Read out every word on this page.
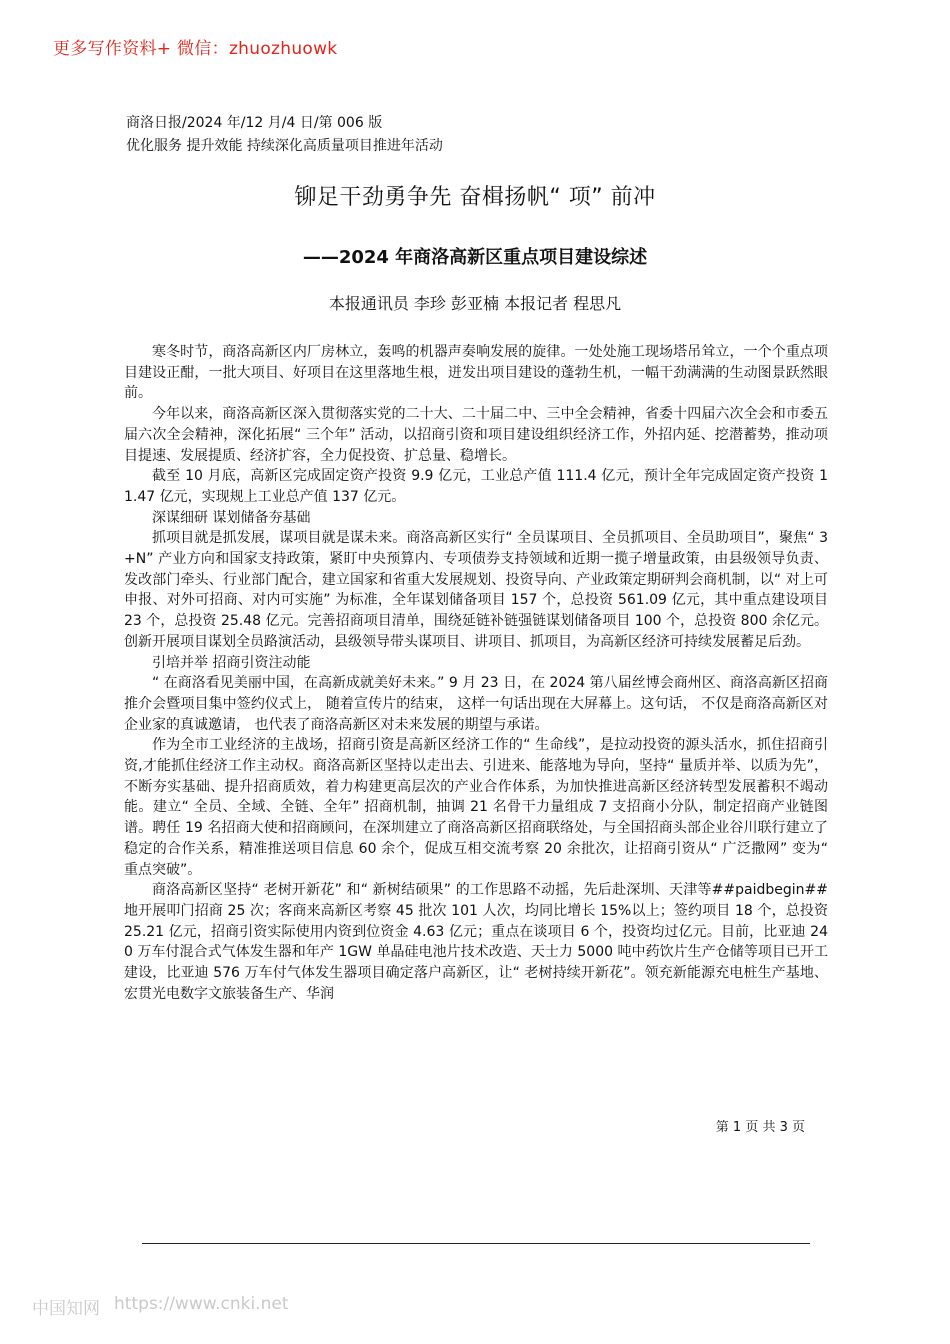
更多写作资料+ 微信：zhuozhuowk
商洛日报/2024 年/12 月/4 日/第 006 版
优化服务 提升效能 持续深化高质量项目推进年活动
铆足干劲勇争先 奋楫扬帆“ 项” 前冲
——2024 年商洛高新区重点项目建设综述
本报通讯员 李珍 彭亚楠 本报记者 程思凡

寒冬时节，商洛高新区内厂房林立，轰鸣的机器声奏响发展的旋律。一处处施工现场塔吊耸立，一个个重点项目建设正酣，一批大项目、好项目在这里落地生根，迸发出项目建设的蓬勃生机，一幅干劲满满的生动图景跃然眼前。

今年以来，商洛高新区深入贯彻落实党的二十大、二十届二中、三中全会精神，省委十四届六次全会和市委五届六次全会精神，深化拓展“ 三个年” 活动，以招商引资和项目建设组织经济工作，外招内延、挖潜蓄势，推动项目提速、发展提质、经济扩容，全力促投资、扩总量、稳增长。

截至 10 月底，高新区完成固定资产投资 9.9 亿元，工业总产值 111.4 亿元，预计全年完成固定资产投资 11.47 亿元，实现规上工业总产值 137 亿元。

深谋细研 谋划储备夯基础

抓项目就是抓发展，谋项目就是谋未来。商洛高新区实行“ 全员谋项目、全员抓项目、全员助项目”，聚焦“ 3+N” 产业方向和国家支持政策，紧盯中央预算内、专项债券支持领域和近期一揽子增量政策，由县级领导负责、发改部门牵头、行业部门配合，建立国家和省重大发展规划、投资导向、产业政策定期研判会商机制，以“ 对上可申报、对外可招商、对内可实施” 为标准，全年谋划储备项目 157 个，总投资 561.09 亿元，其中重点建设项目 23 个，总投资 25.48 亿元。完善招商项目清单，围绕延链补链强链谋划储备项目 100 个，总投资 800 余亿元。创新开展项目谋划全员路演活动，县级领导带头谋项目、讲项目、抓项目，为高新区经济可持续发展蓄足后劲。

引培并举 招商引资注动能

“ 在商洛看见美丽中国，在高新成就美好未来。” 9 月 23 日，在 2024 第八届丝博会商州区、商洛高新区招商推介会暨项目集中签约仪式上， 随着宣传片的结束， 这样一句话出现在大屏幕上。这句话， 不仅是商洛高新区对企业家的真诚邀请， 也代表了商洛高新区对未来发展的期望与承诺。

作为全市工业经济的主战场，招商引资是高新区经济工作的“ 生命线”，是拉动投资的源头活水，抓住招商引资,才能抓住经济工作主动权。商洛高新区坚持以走出去、引进来、能落地为导向，坚持“ 量质并举、以质为先”，不断夯实基础、提升招商质效，着力构建更高层次的产业合作体系，为加快推进高新区经济转型发展蓄积不竭动能。建立“ 全员、全域、全链、全年” 招商机制，抽调 21 名骨干力量组成 7 支招商小分队，制定招商产业链图谱。聘任 19 名招商大使和招商顾问，在深圳建立了商洛高新区招商联络处，与全国招商头部企业谷川联行建立了稳定的合作关系，精准推送项目信息 60 余个，促成互相交流考察 20 余批次，让招商引资从“ 广泛撒网” 变为“ 重点突破”。

商洛高新区坚持“ 老树开新花” 和“ 新树结硕果” 的工作思路不动摇，先后赴深圳、天津等##paidbegin##地开展叩门招商 25 次；客商来高新区考察 45 批次 101 人次，均同比增长 15%以上；签约项目 18 个，总投资 25.21 亿元，招商引资实际使用内资到位资金 4.63 亿元；重点在谈项目 6 个，投资均过亿元。目前，比亚迪 240 万车付混合式气体发生器和年产 1GW 单晶硅电池片技术改造、天士力 5000 吨中药饮片生产仓储等项目已开工建设，比亚迪 576 万车付气体发生器项目确定落户高新区，让“ 老树持续开新花”。领充新能源充电桩生产基地、宏贯光电数字文旅装备生产、华润

第 1 页 共 3 页
中国知网 https://www.cnki.net
